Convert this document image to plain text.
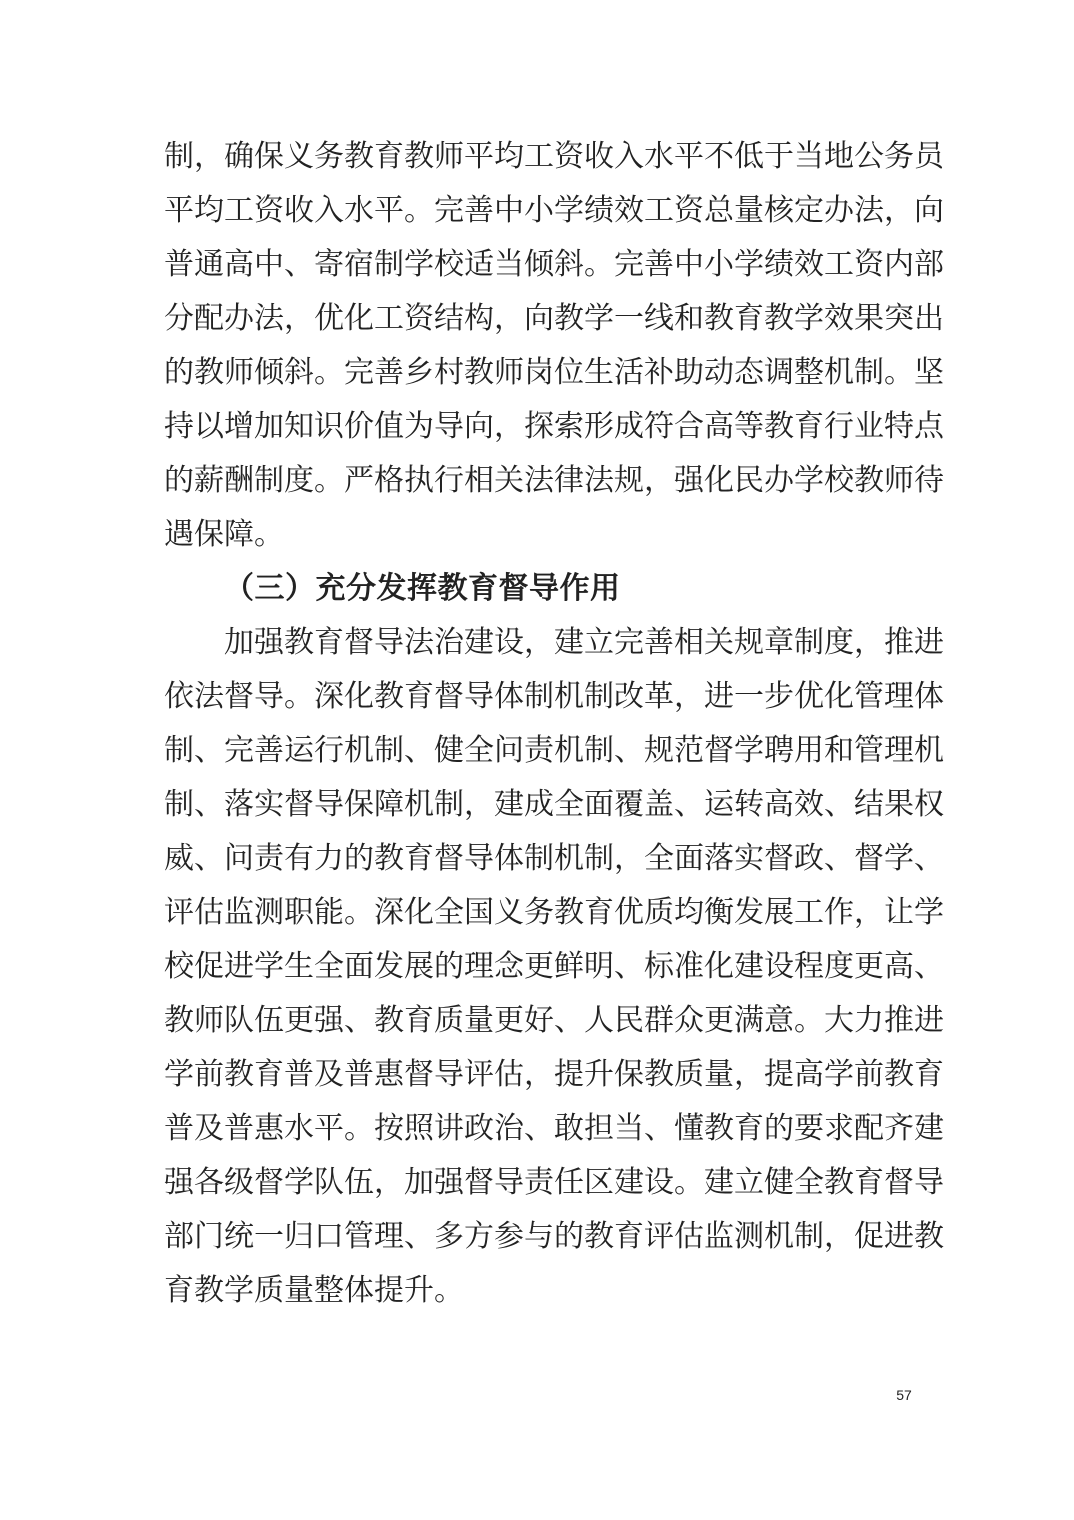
制，确保义务教育教师平均工资收入水平不低于当地公务员
平均工资收入水平。完善中小学绩效工资总量核定办法，向
普通高中、寄宿制学校适当倾斜。完善中小学绩效工资内部
分配办法，优化工资结构，向教学一线和教育教学效果突出
的教师倾斜。完善乡村教师岗位生活补助动态调整机制。坚
持以增加知识价值为导向，探索形成符合高等教育行业特点
的薪酬制度。严格执行相关法律法规，强化民办学校教师待
遇保障。
（三）充分发挥教育督导作用
加强教育督导法治建设，建立完善相关规章制度，推进
依法督导。深化教育督导体制机制改革，进一步优化管理体
制、完善运行机制、健全问责机制、规范督学聘用和管理机
制、落实督导保障机制，建成全面覆盖、运转高效、结果权
威、问责有力的教育督导体制机制，全面落实督政、督学、
评估监测职能。深化全国义务教育优质均衡发展工作，让学
校促进学生全面发展的理念更鲜明、标准化建设程度更高、
教师队伍更强、教育质量更好、人民群众更满意。大力推进
学前教育普及普惠督导评估，提升保教质量，提高学前教育
普及普惠水平。按照讲政治、敢担当、懂教育的要求配齐建
强各级督学队伍，加强督导责任区建设。建立健全教育督导
部门统一归口管理、多方参与的教育评估监测机制，促进教
育教学质量整体提升。
57
